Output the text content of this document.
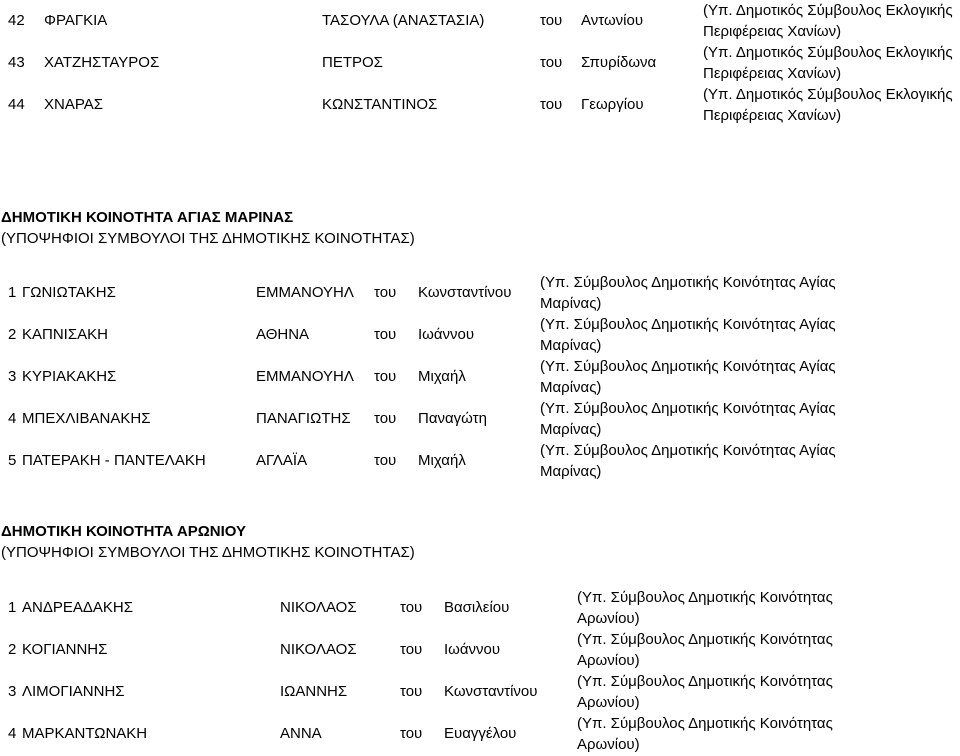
42 ΦΡΑΓΚΙΑ	ΤΑΣΟΥΛΑ (ΑΝΑΣΤΑΣΙΑ)	του Αντωνίου
(Υπ. Δημοτικός Σύμβουλος Εκλογικής Περιφέρειας Χανίων)
43 ΧΑΤΖΗΣΤΑΥΡΟΣ	ΠΕΤΡΟΣ	του Σπυρίδωνα
(Υπ. Δημοτικός Σύμβουλος Εκλογικής Περιφέρειας Χανίων)
44 ΧΝΑΡΑΣ	ΚΩΝΣΤΑΝΤΙΝΟΣ	του Γεωργίου
(Υπ. Δημοτικός Σύμβουλος Εκλογικής Περιφέρειας Χανίων)
ΔΗΜΟΤΙΚΗ ΚΟΙΝΟΤΗΤΑ ΑΓΙΑΣ ΜΑΡΙΝΑΣ
(ΥΠΟΨΗΦΙΟΙ ΣΥΜΒΟΥΛΟΙ ΤΗΣ ΔΗΜΟΤΙΚΗΣ ΚΟΙΝΟΤΗΤΑΣ)
1 ΓΩΝΙΩΤΑΚΗΣ	ΕΜΜΑΝΟΥΗΛ του Κωνσταντίνου
(Υπ. Σύμβουλος Δημοτικής Κοινότητας Αγίας Μαρίνας)
2 ΚΑΠΝΙΣΑΚΗ	ΑΘΗΝΑ	του Ιωάννου
(Υπ. Σύμβουλος Δημοτικής Κοινότητας Αγίας Μαρίνας)
3 ΚΥΡΙΑΚΑΚΗΣ	ΕΜΜΑΝΟΥΗΛ του Μιχαήλ
(Υπ. Σύμβουλος Δημοτικής Κοινότητας Αγίας Μαρίνας)
4 ΜΠΕΧΛΙΒΑΝΑΚΗΣ	ΠΑΝΑΓΙΩΤΗΣ του Παναγώτη
(Υπ. Σύμβουλος Δημοτικής Κοινότητας Αγίας Μαρίνας)
5 ΠΑΤΕΡΑΚΗ - ΠΑΝΤΕΛΑΚΗ	ΑΓΛΑΪΑ	του Μιχαήλ
(Υπ. Σύμβουλος Δημοτικής Κοινότητας Αγίας Μαρίνας)
ΔΗΜΟΤΙΚΗ ΚΟΙΝΟΤΗΤΑ ΑΡΩΝΙΟΥ
(ΥΠΟΨΗΦΙΟΙ ΣΥΜΒΟΥΛΟΙ ΤΗΣ ΔΗΜΟΤΙΚΗΣ ΚΟΙΝΟΤΗΤΑΣ)
1 ΑΝΔΡΕΑΔΑΚΗΣ	ΝΙΚΟΛΑΟΣ	του Βασιλείου
(Υπ. Σύμβουλος Δημοτικής Κοινότητας Αρωνίου)
2 ΚΟΓΙΑΝΝΗΣ	ΝΙΚΟΛΑΟΣ	του Ιωάννου
(Υπ. Σύμβουλος Δημοτικής Κοινότητας Αρωνίου)
3 ΛΙΜΟΓΙΑΝΝΗΣ	ΙΩΑΝΝΗΣ	του Κωνσταντίνου
(Υπ. Σύμβουλος Δημοτικής Κοινότητας Αρωνίου)
4 ΜΑΡΚΑΝΤΩΝΑΚΗ	ΑΝΝΑ	του Ευαγγέλου
(Υπ. Σύμβουλος Δημοτικής Κοινότητας Αρωνίου)
